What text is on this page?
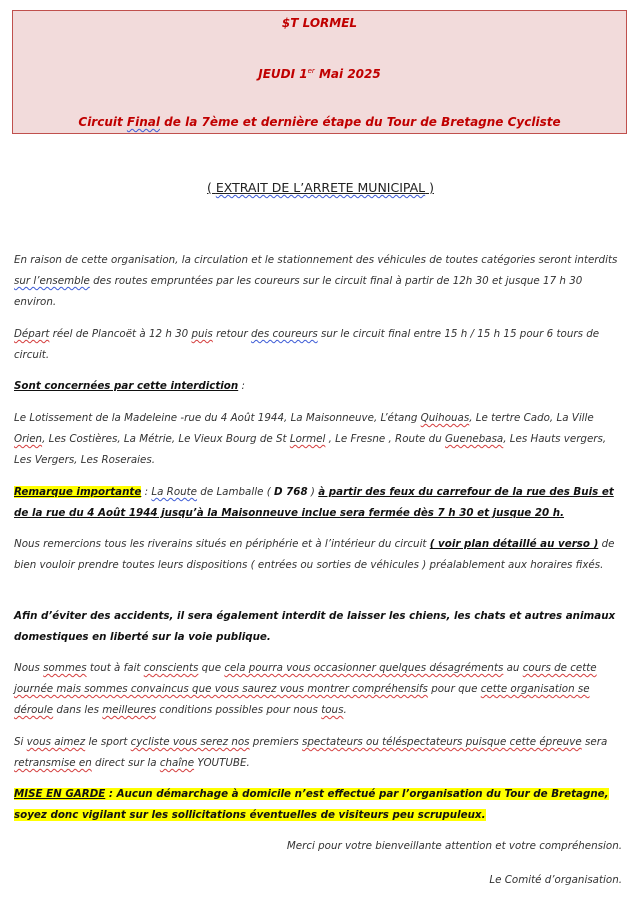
$T LORMEL
JEUDI 1er Mai 2025
Circuit Final de la 7ème et dernière étape du Tour de Bretagne Cycliste
( EXTRAIT DE L’ARRETE MUNICIPAL )
En raison de cette organisation, la circulation et le stationnement des véhicules de toutes catégories seront interdits sur l’ensemble des routes empruntées par les coureurs sur le circuit final à partir de 12h 30 et jusque 17 h 30 environ.
Départ réel de Plancoët à 12 h 30 puis retour des coureurs sur le circuit final entre 15 h / 15 h 15 pour 6 tours de circuit.
Sont concernées par cette interdiction :
Le Lotissement de la Madeleine -rue du 4 Août 1944, La Maisonneuve, L’étang Quihouas, Le tertre Cado, La Ville Orien, Les Costières, La Métrie, Le Vieux Bourg de St Lormel , Le Fresne , Route du Guenebasa, Les Hauts vergers, Les Vergers, Les Roseraies.
Remarque importante : La Route de Lamballe ( D 768 ) à partir des feux du carrefour de la rue des Buis et de la rue du 4 Août 1944 jusqu’à la Maisonneuve inclue sera fermée dès 7 h 30 et jusque 20 h.
Nous remercions tous les riverains situés en périphérie et à l’intérieur du circuit ( voir plan détaillé au verso ) de bien vouloir prendre toutes leurs dispositions ( entrées ou sorties de véhicules ) préalablement aux horaires fixés.
Afin d’éviter des accidents, il sera également interdit de laisser les chiens, les chats et autres animaux domestiques en liberté sur la voie publique.
Nous sommes tout à fait conscients que cela pourra vous occasionner quelques désagréments au cours de cette journée mais sommes convaincus que vous saurez vous montrer compréhensifs pour que cette organisation se déroule dans les meilleures conditions possibles pour nous tous.
Si vous aimez le sport cycliste vous serez nos premiers spectateurs ou téléspectateurs puisque cette épreuve sera retransmise en direct sur la chaîne YOUTUBE.
MISE EN GARDE : Aucun démarchage à domicile n’est effectué par l’organisation du Tour de Bretagne, soyez donc vigilant sur les sollicitations éventuelles de visiteurs peu scrupuleux.
Merci pour votre bienveillante attention et votre compréhension.
Le Comité d’organisation.
